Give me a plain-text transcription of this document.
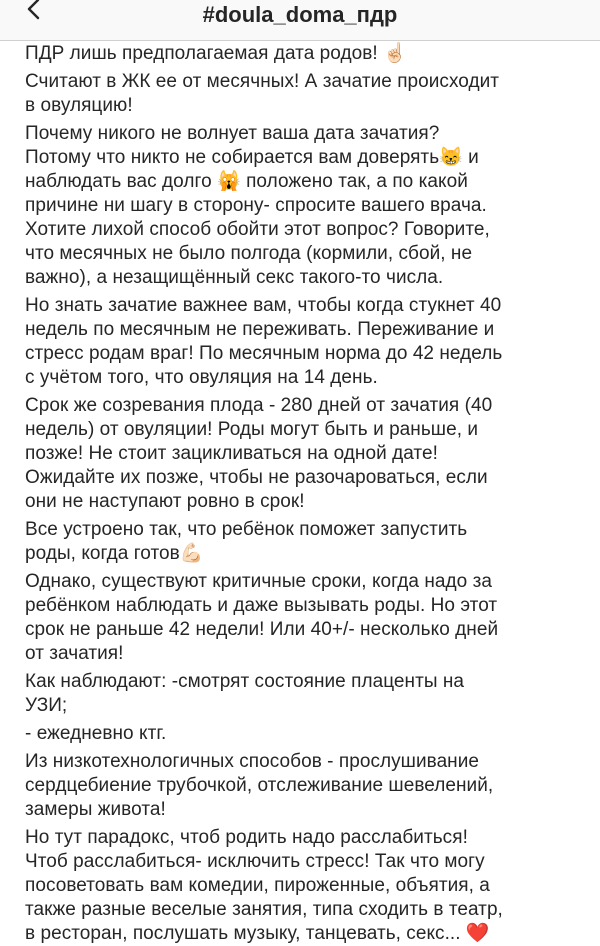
#doula_doma_пдр
ПДР лишь предполагаемая дата родов! ☝🏻
Считают в ЖК ее от месячных! А зачатие происходит
в овуляцию!
Почему никого не волнует ваша дата зачатия?
Потому что никто не собирается вам доверять😸 и
наблюдать вас долго 🙀 положено так, а по какой
причине ни шагу в сторону- спросите вашего врача.
Хотите лихой способ обойти этот вопрос? Говорите,
что месячных не было полгода (кормили, сбой, не
важно), а незащищённый секс такого-то числа.
Но знать зачатие важнее вам, чтобы когда стукнет 40
недель по месячным не переживать. Переживание и
стресс родам враг! По месячным норма до 42 недель
с учётом того, что овуляция на 14 день.
Срок же созревания плода - 280 дней от зачатия (40
недель) от овуляции! Роды могут быть и раньше, и
позже! Не стоит зацикливаться на одной дате!
Ожидайте их позже, чтобы не разочароваться, если
они не наступают ровно в срок!
Все устроено так, что ребёнок поможет запустить
роды, когда готов💪🏻
Однако, существуют критичные сроки, когда надо за
ребёнком наблюдать и даже вызывать роды. Но этот
срок не раньше 42 недели! Или 40+/- несколько дней
от зачатия!
Как наблюдают: -смотрят состояние плаценты на
УЗИ;
- ежедневно ктг.
Из низкотехнологичных способов - прослушивание
сердцебиение трубочкой, отслеживание шевелений,
замеры живота!
Но тут парадокс, чтоб родить надо расслабиться!
Чтоб расслабиться- исключить стресс! Так что могу
посоветовать вам комедии, пироженные, объятия, а
также разные веселые занятия, типа сходить в театр,
в ресторан, послушать музыку, танцевать, секс... ❤️
